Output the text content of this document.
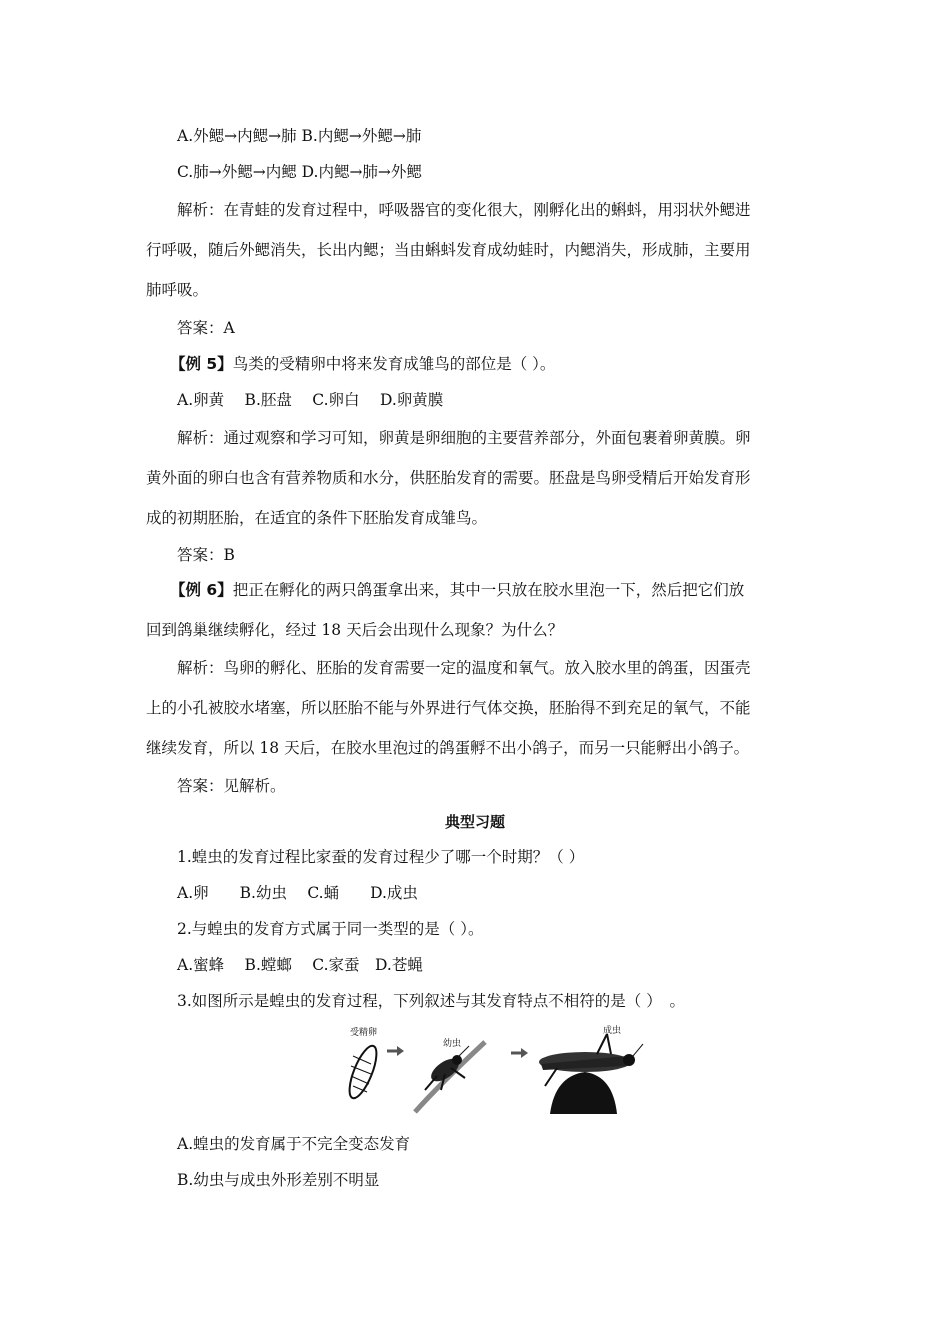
A.外鳃→内鳃→肺 B.内鳃→外鳃→肺
C.肺→外鳃→内鳃 D.内鳃→肺→外鳃
解析：在青蛙的发育过程中，呼吸器官的变化很大，刚孵化出的蝌蚪，用羽状外鳃进
行呼吸，随后外鳃消失，长出内鳃；当由蝌蚪发育成幼蛙时，内鳃消失，形成肺，主要用
肺呼吸。
答案：A
【例 5】鸟类的受精卵中将来发育成雏鸟的部位是（ ）。
A.卵黄　 B.胚盘　 C.卵白　 D.卵黄膜
解析：通过观察和学习可知，卵黄是卵细胞的主要营养部分，外面包裹着卵黄膜。卵
黄外面的卵白也含有营养物质和水分，供胚胎发育的需要。胚盘是鸟卵受精后开始发育形
成的初期胚胎，在适宜的条件下胚胎发育成雏鸟。
答案：B
【例 6】把正在孵化的两只鸽蛋拿出来，其中一只放在胶水里泡一下，然后把它们放
回到鸽巢继续孵化，经过 18 天后会出现什么现象？为什么？
解析：鸟卵的孵化、胚胎的发育需要一定的温度和氧气。放入胶水里的鸽蛋，因蛋壳
上的小孔被胶水堵塞，所以胚胎不能与外界进行气体交换，胚胎得不到充足的氧气，不能
继续发育，所以 18 天后，在胶水里泡过的鸽蛋孵不出小鸽子，而另一只能孵出小鸽子。
答案：见解析。
典型习题
1.蝗虫的发育过程比家蚕的发育过程少了哪一个时期？（ ）
A.卵　　B.幼虫　 C.蛹　　D.成虫
2.与蝗虫的发育方式属于同一类型的是（ ）。
A.蜜蜂　 B.螳螂　 C.家蚕　D.苍蝇
3.如图所示是蝗虫的发育过程，下列叙述与其发育特点不相符的是（ ）　。
受精卵
幼虫
成虫
A.蝗虫的发育属于不完全变态发育
B.幼虫与成虫外形差别不明显
